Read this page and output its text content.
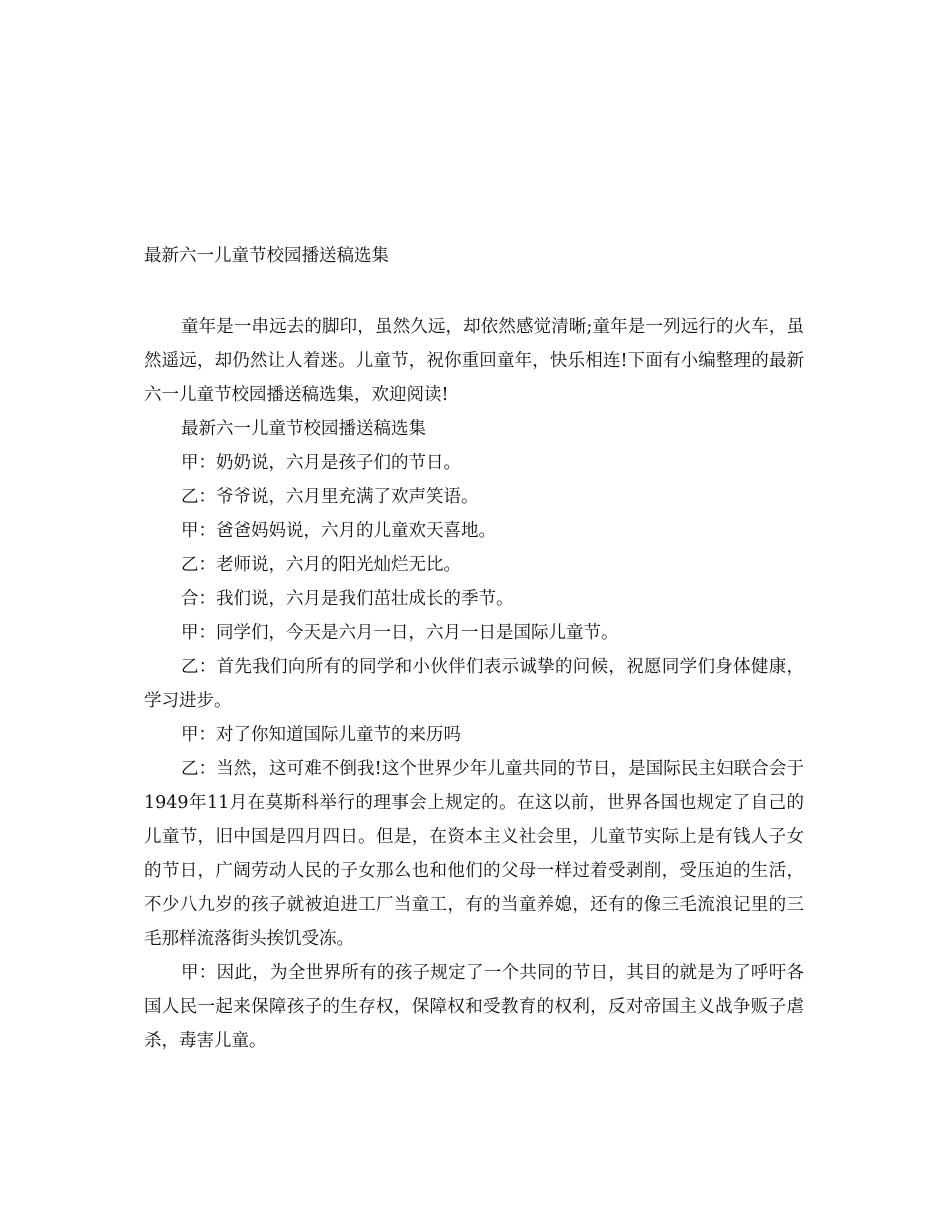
最新六一儿童节校园播送稿选集

童年是一串远去的脚印，虽然久远，却依然感觉清晰;童年是一列远行的火车，虽然遥远，却仍然让人着迷。儿童节，祝你重回童年，快乐相连!下面有小编整理的最新六一儿童节校园播送稿选集，欢迎阅读!

最新六一儿童节校园播送稿选集

甲：奶奶说，六月是孩子们的节日。

乙：爷爷说，六月里充满了欢声笑语。

甲：爸爸妈妈说，六月的儿童欢天喜地。

乙：老师说，六月的阳光灿烂无比。

合：我们说，六月是我们茁壮成长的季节。

甲：同学们，今天是六月一日，六月一日是国际儿童节。

乙：首先我们向所有的同学和小伙伴们表示诚挚的问候，祝愿同学们身体健康，学习进步。

甲：对了你知道国际儿童节的来历吗

乙：当然，这可难不倒我!这个世界少年儿童共同的节日，是国际民主妇联合会于1949年11月在莫斯科举行的理事会上规定的。在这以前，世界各国也规定了自己的儿童节，旧中国是四月四日。但是，在资本主义社会里，儿童节实际上是有钱人子女的节日，广阔劳动人民的子女那么也和他们的父母一样过着受剥削，受压迫的生活，不少八九岁的孩子就被迫进工厂当童工，有的当童养媳，还有的像三毛流浪记里的三毛那样流落街头挨饥受冻。

甲：因此，为全世界所有的孩子规定了一个共同的节日，其目的就是为了呼吁各国人民一起来保障孩子的生存权，保障权和受教育的权利，反对帝国主义战争贩子虐杀，毒害儿童。
